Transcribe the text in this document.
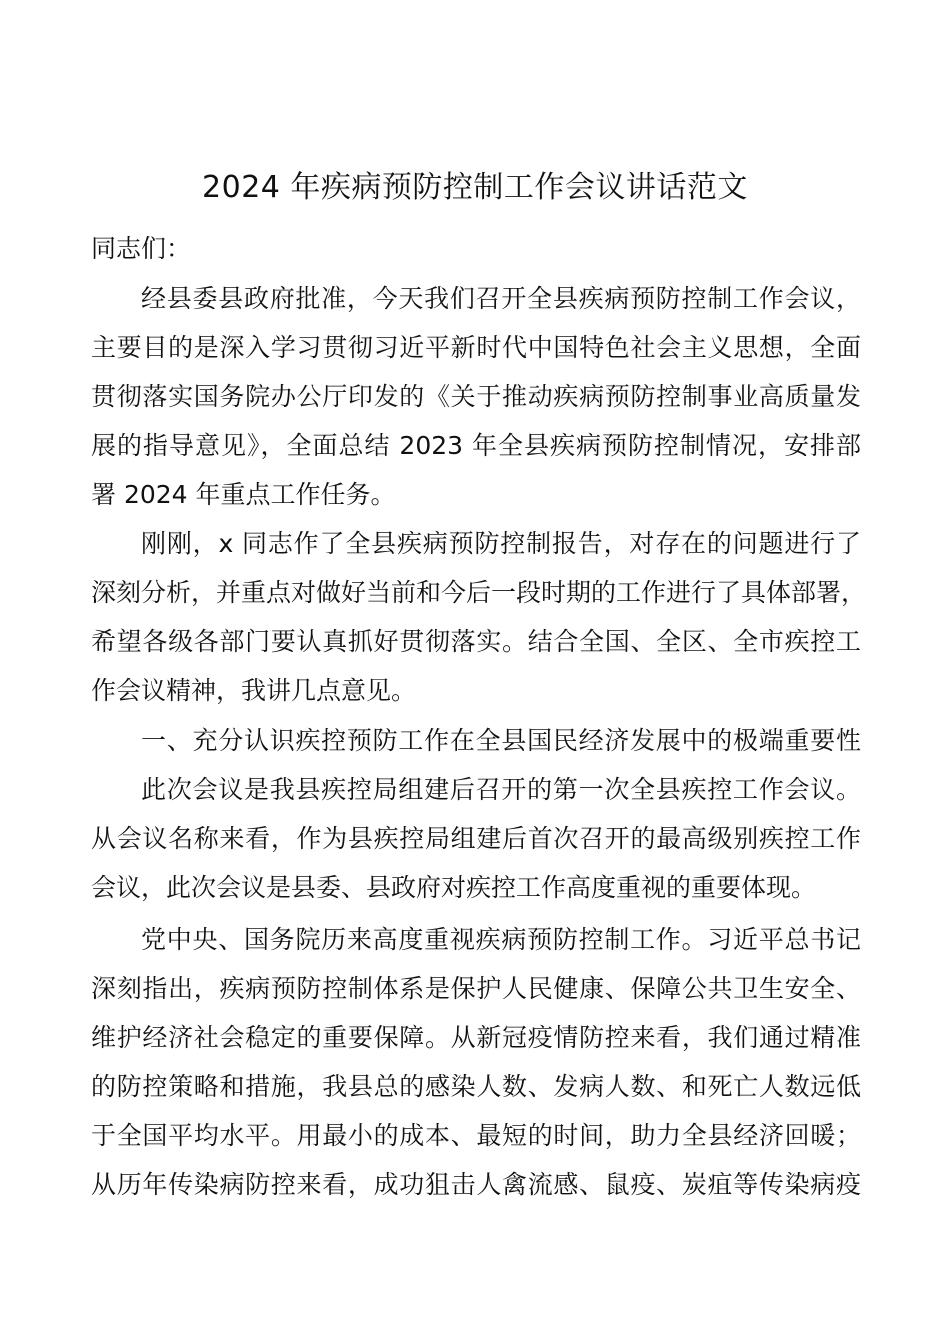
2024 年疾病预防控制工作会议讲话范文
同志们：
经县委县政府批准，今天我们召开全县疾病预防控制工作会议，
主要目的是深入学习贯彻习近平新时代中国特色社会主义思想，全面
贯彻落实国务院办公厅印发的《关于推动疾病预防控制事业高质量发
展的指导意见》，全面总结 2023 年全县疾病预防控制情况，安排部
署 2024 年重点工作任务。
刚刚，x 同志作了全县疾病预防控制报告，对存在的问题进行了
深刻分析，并重点对做好当前和今后一段时期的工作进行了具体部署，
希望各级各部门要认真抓好贯彻落实。结合全国、全区、全市疾控工
作会议精神，我讲几点意见。
一、充分认识疾控预防工作在全县国民经济发展中的极端重要性
此次会议是我县疾控局组建后召开的第一次全县疾控工作会议。
从会议名称来看，作为县疾控局组建后首次召开的最高级别疾控工作
会议，此次会议是县委、县政府对疾控工作高度重视的重要体现。
党中央、国务院历来高度重视疾病预防控制工作。习近平总书记
深刻指出，疾病预防控制体系是保护人民健康、保障公共卫生安全、
维护经济社会稳定的重要保障。从新冠疫情防控来看，我们通过精准
的防控策略和措施，我县总的感染人数、发病人数、和死亡人数远低
于全国平均水平。用最小的成本、最短的时间，助力全县经济回暖；
从历年传染病防控来看，成功狙击人禽流感、鼠疫、炭疽等传染病疫
